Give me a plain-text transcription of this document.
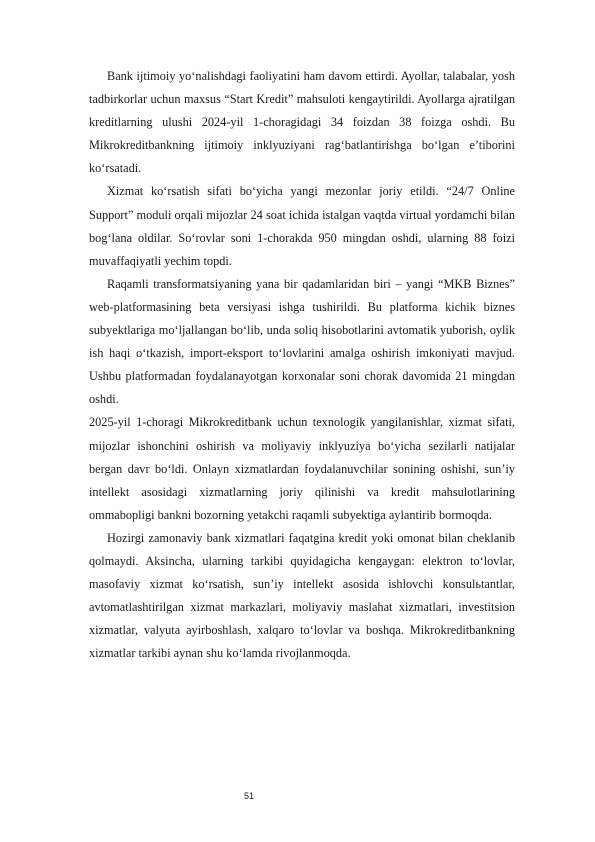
Bank ijtimoiy yo‘nalishdagi faoliyatini ham davom ettirdi. Ayollar, talabalar, yosh tadbirkorlar uchun maxsus “Start Kredit” mahsuloti kengaytirildi. Ayollarga ajratilgan kreditlarning ulushi 2024-yil 1-choragidagi 34 foizdan 38 foizga oshdi. Bu Mikrokreditbankning ijtimoiy inklyuziyani rag‘batlantirishga bo‘lgan e’tiborini ko‘rsatadi.

Xizmat ko‘rsatish sifati bo‘yicha yangi mezonlar joriy etildi. “24/7 Online Support” moduli orqali mijozlar 24 soat ichida istalgan vaqtda virtual yordamchi bilan bog‘lana oldilar. So‘rovlar soni 1-chorakda 950 mingdan oshdi, ularning 88 foizi muvaffaqiyatli yechim topdi.

Raqamli transformatsiyaning yana bir qadamlaridan biri – yangi “MKB Biznes” web-platformasining beta versiyasi ishga tushirildi. Bu platforma kichik biznes subyektlariga mo‘ljallangan bo‘lib, unda soliq hisobotlarini avtomatik yuborish, oylik ish haqi o‘tkazish, import-eksport to‘lovlarini amalga oshirish imkoniyati mavjud. Ushbu platformadan foydalanayotgan korxonalar soni chorak davomida 21 mingdan oshdi.

2025-yil 1-choragi Mikrokreditbank uchun texnologik yangilanishlar, xizmat sifati, mijozlar ishonchini oshirish va moliyaviy inklyuziya bo‘yicha sezilarli natijalar bergan davr bo‘ldi. Onlayn xizmatlardan foydalanuvchilar sonining oshishi, sun’iy intellekt asosidagi xizmatlarning joriy qilinishi va kredit mahsulotlarining ommabopligi bankni bozorning yetakchi raqamli subyektiga aylantirib bormoqda.

Hozirgi zamonaviy bank xizmatlari faqatgina kredit yoki omonat bilan cheklanib qolmaydi. Aksincha, ularning tarkibi quyidagicha kengaygan: elektron to‘lovlar, masofaviy xizmat ko‘rsatish, sun’iy intellekt asosida ishlovchi konsulьtantlar, avtomatlashtirilgan xizmat markazlari, moliyaviy maslahat xizmatlari, investitsion xizmatlar, valyuta ayirboshlash, xalqaro to‘lovlar va boshqa. Mikrokreditbankning xizmatlar tarkibi aynan shu ko‘lamda rivojlanmoqda.

51
